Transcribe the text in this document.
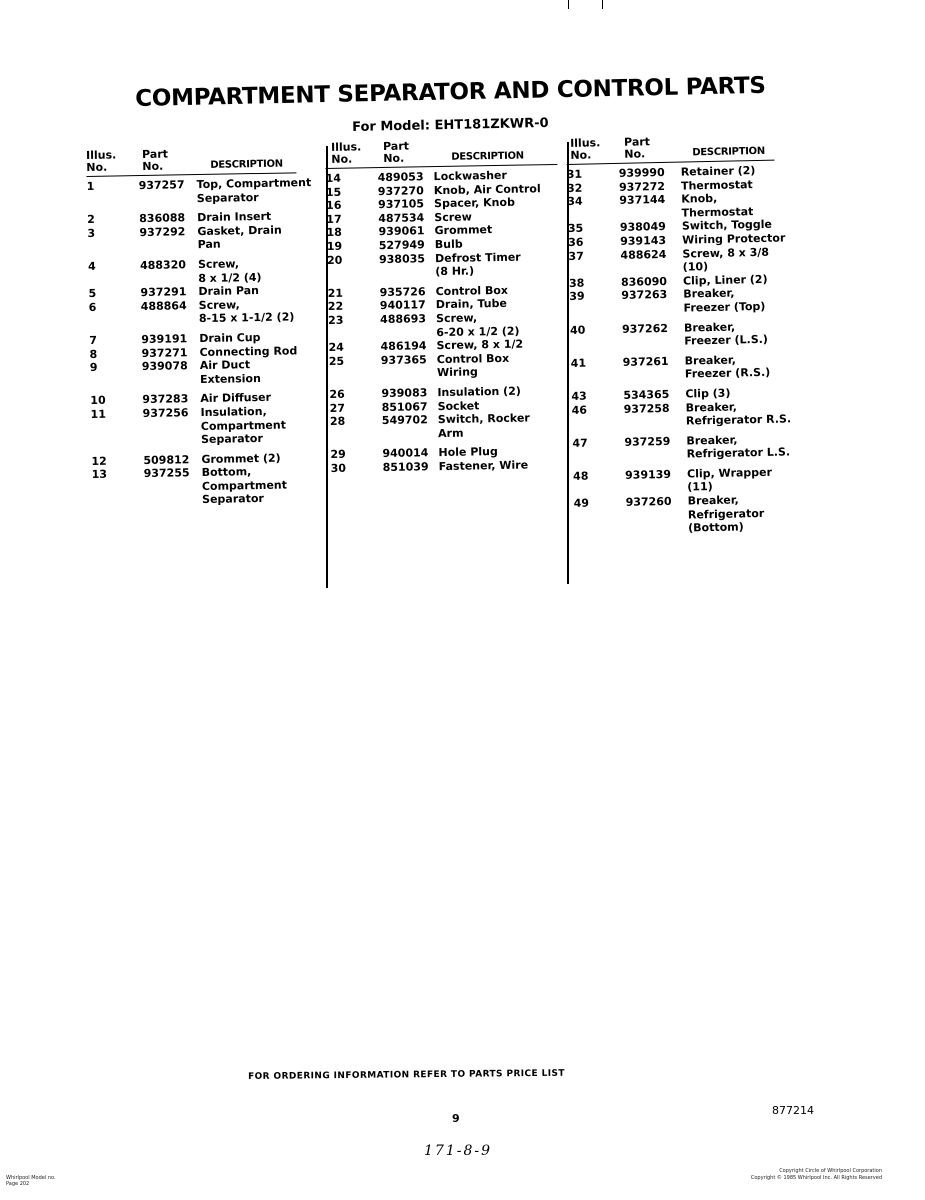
COMPARTMENT SEPARATOR AND CONTROL PARTS
For Model: EHT181ZKWR-0
Illus.
No.
Part
No.	DESCRIPTION
1	937257	Top, Compartment
Separator
2	836088	Drain Insert
3	937292	Gasket, Drain
Pan
4	488320	Screw,
8 x 1/2 (4)
5	937291	Drain Pan
6	488864	Screw,
8-15 x 1-1/2 (2)
7	939191	Drain Cup
8	937271	Connecting Rod
9	939078	Air Duct
Extension
10	937283	Air Diffuser
11	937256	Insulation,
Compartment
Separator
12	509812	Grommet (2)
13	937255	Bottom,
Compartment
Separator
Illus.
No.
Part
No.	DESCRIPTION
14	489053 Lockwasher
15	937270 Knob, Air Control
16	937105 Spacer, Knob
17	487534 Screw
18	939061 Grommet
19	527949 Bulb
20	938035 Defrost Timer
(8 Hr.)
21	935726 Control Box
22	940117 Drain, Tube
23	488693 Screw,
6-20 x 1/2 (2)
24	486194 Screw, 8 x 1/2
25	937365 Control Box
Wiring
26	939083 Insulation (2)
27	851067 Socket
28	549702 Switch, Rocker
Arm
29	940014 Hole Plug
30	851039 Fastener, Wire
Illus.
No.
Part
No.	DESCRIPTION
31	939990	Retainer (2)
32	937272	Thermostat
34	937144	Knob, Thermostat
35	938049	Switch, Toggle
36	939143	Wiring Protector
37	488624	Screw, 8 x 3/8 (10)
38	836090	Clip, Liner (2)
39	937263	Breaker,
Freezer (Top)
40	937262	Breaker,
Freezer (L.S.)
41	937261	Breaker,
Freezer (R.S.)
43	534365	Clip (3)
46	937258	Breaker,
Refrigerator R.S.
47	937259	Breaker,
Refrigerator L.S.
48	939139	Clip, Wrapper (11)
49	937260	Breaker,
Refrigerator
(Bottom)
FOR ORDERING INFORMATION REFER TO PARTS PRICE LIST
9
877214
171-8-9
Whirlpool Model no.
Page 202
Copyright Circle of Whirlpool Corporation
Copyright © 1985 Whirlpool Inc. All Rights Reserved
